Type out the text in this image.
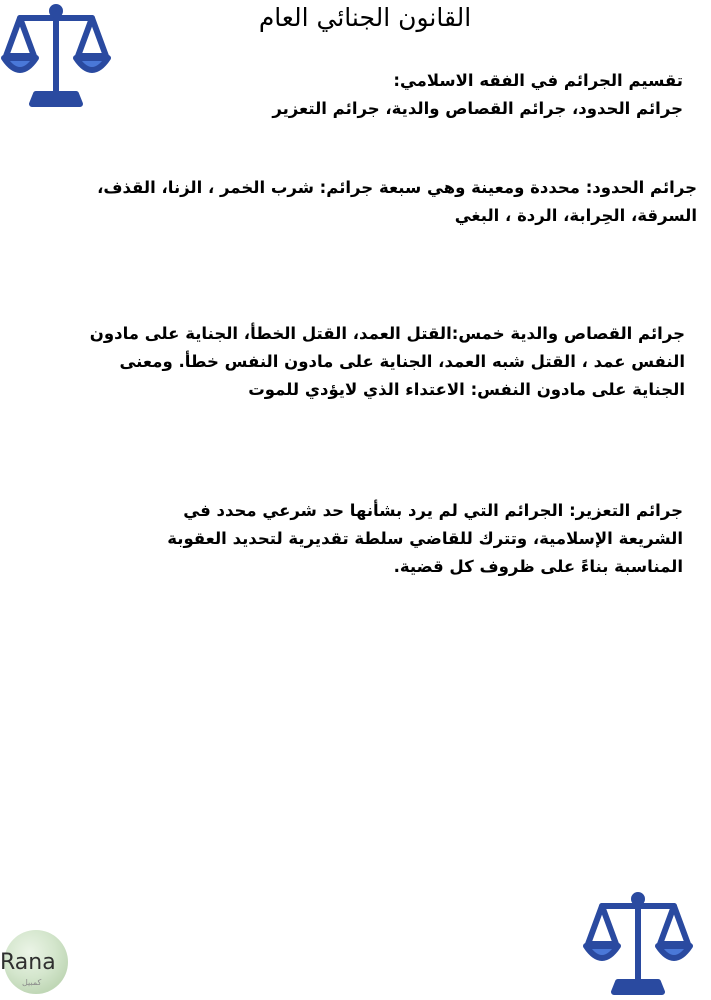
القانون الجنائي العام
تقسيم الجرائم في الفقه الاسلامي:
جرائم الحدود، جرائم القصاص والدية، جرائم التعزير
جرائم الحدود: محددة ومعينة وهي سبعة جرائم: شرب الخمر ، الزنا، القذف،
السرقة، الحِرابة، الردة ، البغي
جرائم القصاص والدية خمس:القتل العمد، القتل الخطأ، الجناية على مادون
النفس عمد ، القتل شبه العمد، الجناية على مادون النفس خطأ. ومعنى
الجناية على مادون النفس: الاعتداء الذي لايؤدي للموت
جرائم التعزير: الجرائم التي لم يرد بشأنها حد شرعي محدد في
الشريعة الإسلامية، وتترك للقاضي سلطة تقديرية لتحديد العقوبة
المناسبة بناءً على ظروف كل قضية.
Rana
كمبيل
